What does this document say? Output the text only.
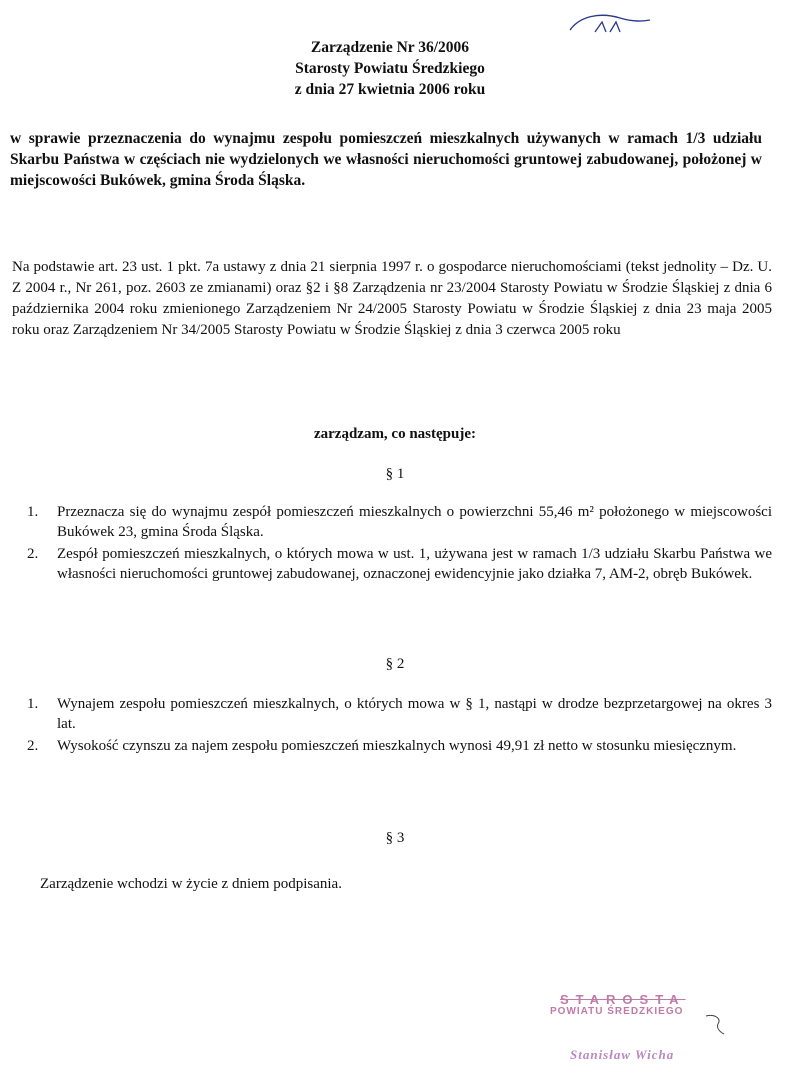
Zarządzenie Nr 36/2006
Starosty Powiatu Średzkiego
z dnia 27 kwietnia 2006 roku
w sprawie przeznaczenia do wynajmu zespołu pomieszczeń mieszkalnych używanych w ramach 1/3 udziału Skarbu Państwa w częściach nie wydzielonych we własności nieruchomości gruntowej zabudowanej, położonej w miejscowości Bukówek, gmina Środa Śląska.
Na podstawie art. 23 ust. 1 pkt. 7a ustawy z dnia 21 sierpnia 1997 r. o gospodarce nieruchomościami (tekst jednolity – Dz. U. Z 2004 r., Nr 261, poz. 2603 ze zmianami) oraz §2 i §8 Zarządzenia nr 23/2004 Starosty Powiatu w Środzie Śląskiej z dnia 6 października 2004 roku zmienionego Zarządzeniem Nr 24/2005 Starosty Powiatu w Środzie Śląskiej z dnia 23 maja 2005 roku oraz Zarządzeniem Nr 34/2005 Starosty Powiatu w Środzie Śląskiej z dnia 3 czerwca 2005 roku
zarządzam, co następuje:
§ 1
1. Przeznacza się do wynajmu zespół pomieszczeń mieszkalnych o powierzchni 55,46 m² położonego w miejscowości Bukówek 23, gmina Środa Śląska.
2. Zespół pomieszczeń mieszkalnych, o których mowa w ust. 1, używana jest w ramach 1/3 udziału Skarbu Państwa we własności nieruchomości gruntowej zabudowanej, oznaczonej ewidencyjnie jako działka 7, AM-2, obręb Bukówek.
§ 2
1. Wynajem zespołu pomieszczeń mieszkalnych, o których mowa w § 1, nastąpi w drodze bezprzetargowej na okres 3 lat.
2. Wysokość czynszu za najem zespołu pomieszczeń mieszkalnych wynosi 49,91 zł netto w stosunku miesięcznym.
§ 3
Zarządzenie wchodzi w życie z dniem podpisania.
STAROSTA
POWIATU ŚREDZKIEGO
Stanisław Wicha
